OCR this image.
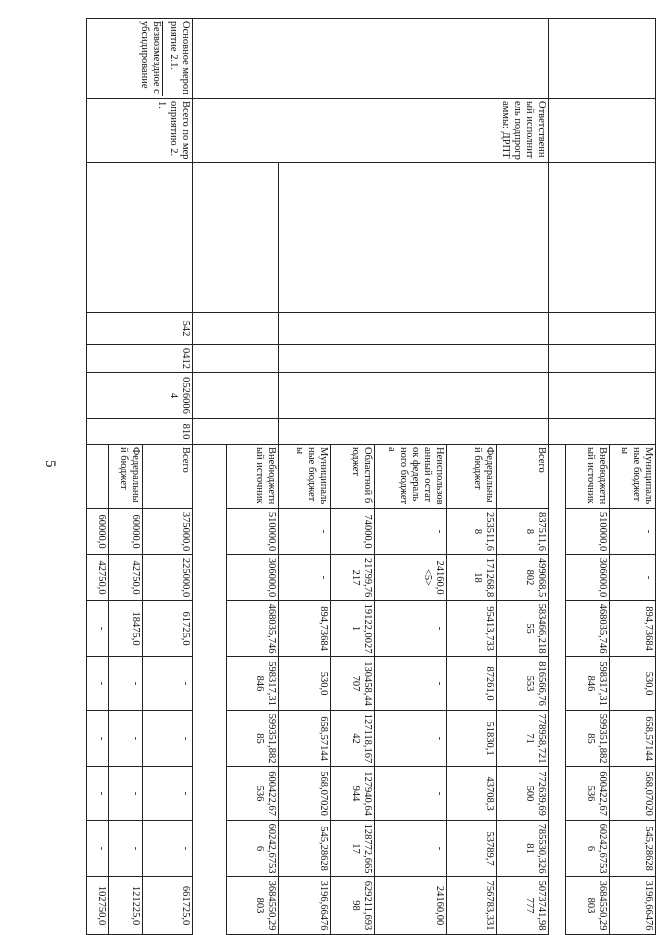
5
								Муниципальные бюджеты	-	-	894,73684	530,0	658,57144	568,07020	545,28628	3196,66476
							Внебюджетный источник	510000,0	306000,0	468035,746	598317,31846	599351,88285	600422,67536	60242,67536	3684550,29803

	Ответственный исполнитель подпрограммы: ДРПТ						Всего	837511,68	499068,5802	583466,21855	816566,76553	778958,72171	772639,69500	785530,32681	5073741,98777
							Федеральный бюджет	253511,68	171268,818	95413,733	87261,0	51830,1	43708,3	53789,7	756783,331
							Неиспользованный остаток федерального бюджета	-	24160,0 <5>	-	-	-	-	-	24160,00
							Областной бюджет	74000,0	21799,76217	19122,00271	130458,44707	127118,16742	127940,64944	128772,66517	629211,69398
							Муниципальные бюджеты	-	-	894,73684	530,0	658,57144	568,07020	545,28628	3196,66476
							Внебюджетный источник	510000,0	306000,0	468035,746	598317,31846	599351,88285	600422,67536	60242,67536	3684550,29803

Основное мероприятие 2.1.
Безвозмездное субсидирование	Всего по мероприятию 2.1.		542	0412	05260064	810	Всего	375000,0	225000,0	61725,0	-	-	-	-	661725,0
							Федеральный бюджет	60000,0	42750,0	18475,0	-	-	-	-	121225,0
								60000,0	42750,0	-	-	-	-	-	102750,0
